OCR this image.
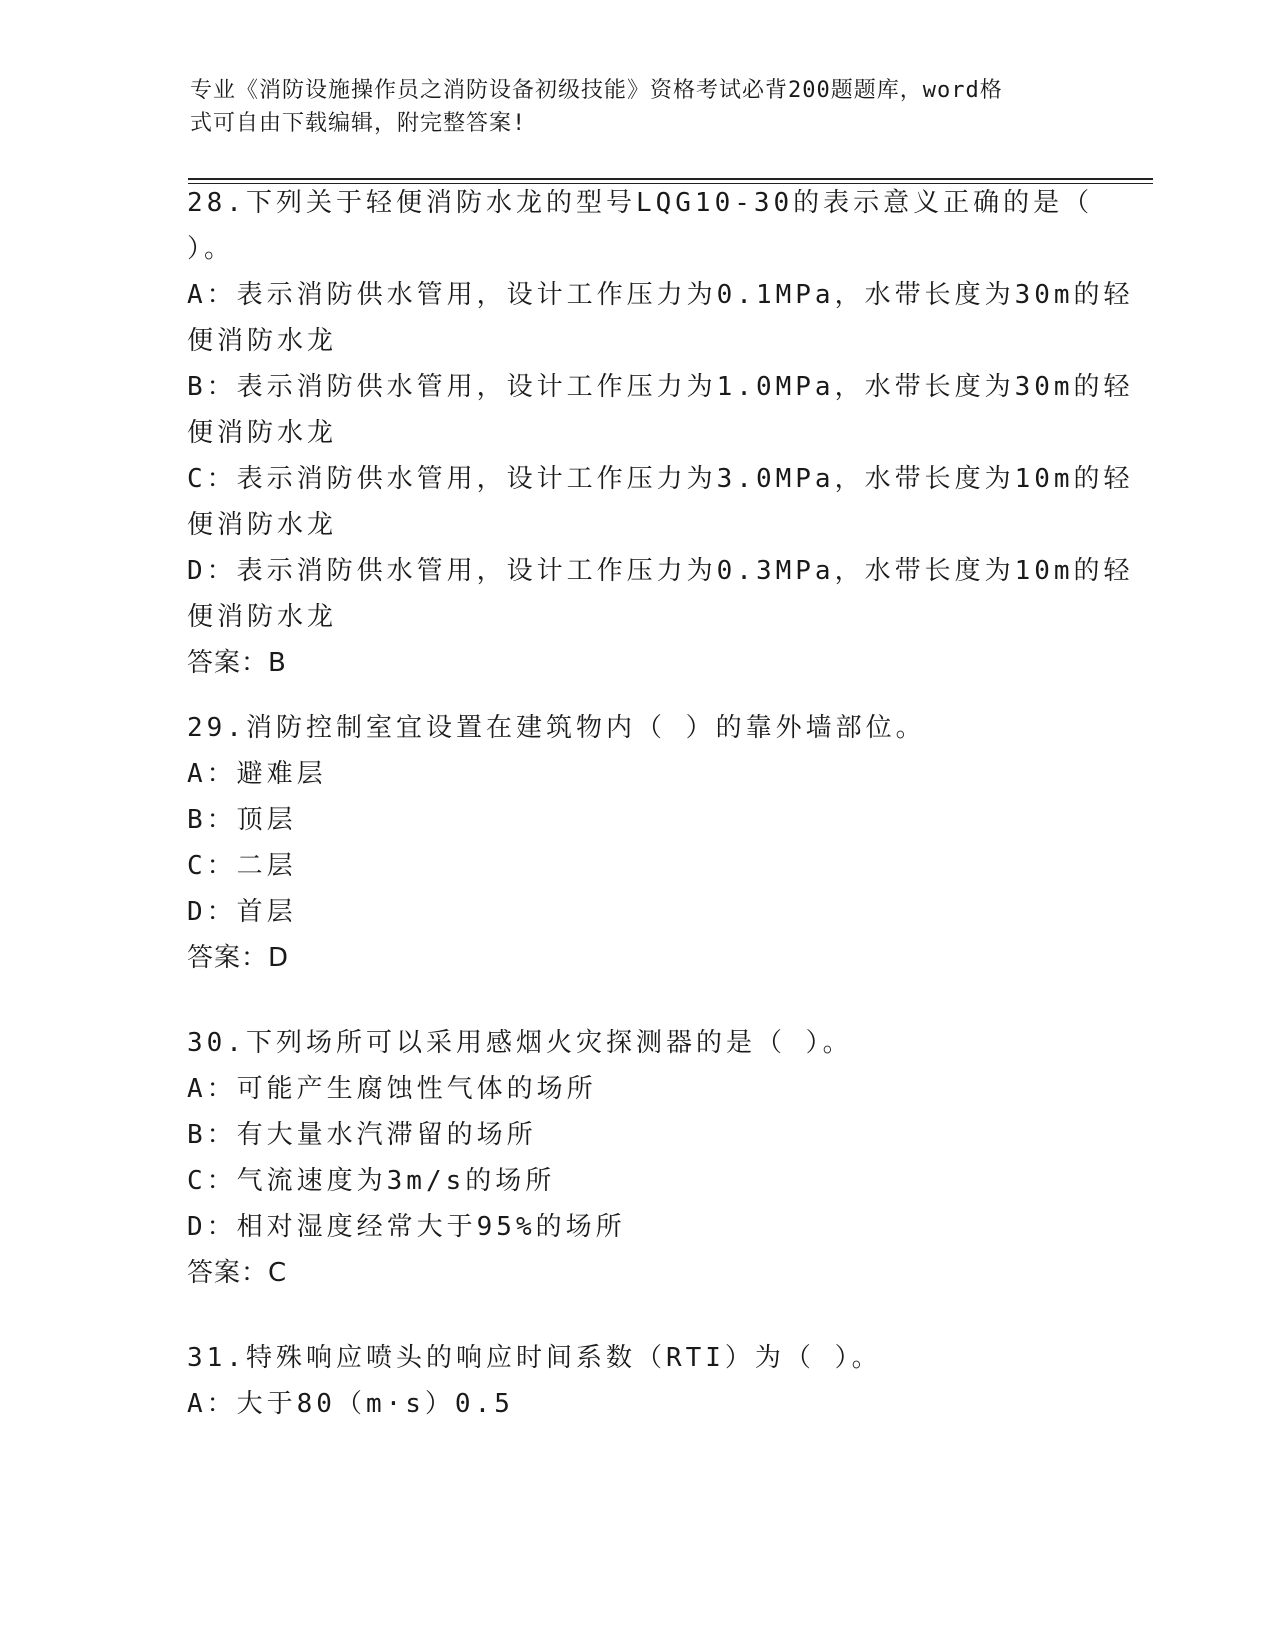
专业《消防设施操作员之消防设备初级技能》资格考试必背200题题库，word格
式可自由下载编辑，附完整答案!
28.下列关于轻便消防水龙的型号LQG10-30的表示意义正确的是（
）。
A：表示消防供水管用，设计工作压力为0.1MPa，水带长度为30m的轻
便消防水龙
B：表示消防供水管用，设计工作压力为1.0MPa，水带长度为30m的轻
便消防水龙
C：表示消防供水管用，设计工作压力为3.0MPa，水带长度为10m的轻
便消防水龙
D：表示消防供水管用，设计工作压力为0.3MPa，水带长度为10m的轻
便消防水龙
答案：B
29.消防控制室宜设置在建筑物内（ ）的靠外墙部位。
A：避难层
B：顶层
C：二层
D：首层
答案：D
30.下列场所可以采用感烟火灾探测器的是（ ）。
A：可能产生腐蚀性气体的场所
B：有大量水汽滞留的场所
C：气流速度为3m/s的场所
D：相对湿度经常大于95%的场所
答案：C
31.特殊响应喷头的响应时间系数（RTI）为（ ）。
A：大于80（m·s）0.5
